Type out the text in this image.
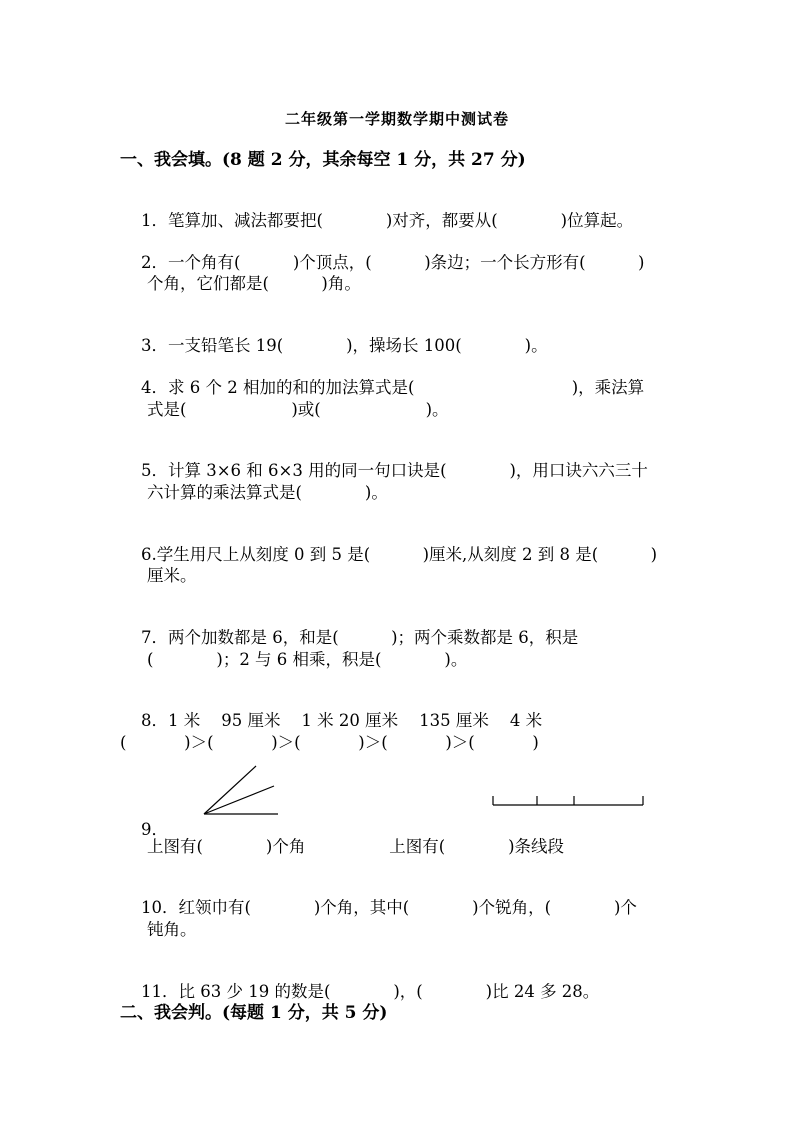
二年级第一学期数学期中测试卷
一、我会填。(8 题 2 分，其余每空 1 分，共 27 分)

1．笔算加、减法都要把(            )对齐，都要从(            )位算起。

2．一个角有(          )个顶点，(          )条边；一个长方形有(          )

个角，它们都是(          )角。

3．一支铅笔长 19(            )，操场长 100(            )。

4．求 6 个 2 相加的和的加法算式是(                              )，乘法算

式是(                    )或(                    )。

5．计算 3×6 和 6×3 用的同一句口诀是(            )，用口诀六六三十

六计算的乘法算式是(            )。

6.学生用尺上从刻度 0 到 5 是(          )厘米,从刻度 2 到 8 是(          )

厘米。

7．两个加数都是 6，和是(          )；两个乘数都是 6，积是

(            )；2 与 6 相乘，积是(            )。

8．1 米    95 厘米    1 米 20 厘米    135 厘米    4 米

(           )＞(           )＞(           )＞(           )＞(           )

9．

上图有(            )个角                上图有(            )条线段

10．红领巾有(            )个角，其中(            )个锐角，(            )个

钝角。

11．比 63 少 19 的数是(            )，(            )比 24 多 28。

二、我会判。(每题 1 分，共 5 分)
